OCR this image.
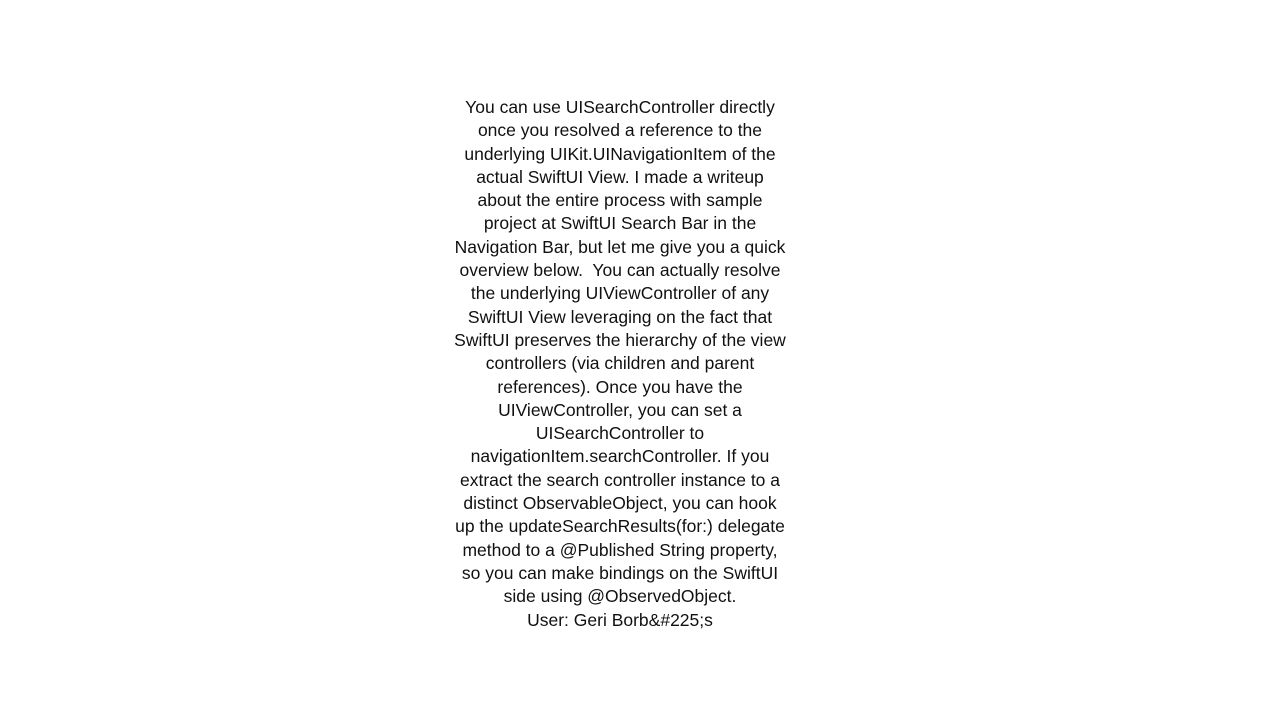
You can use UISearchController directly once you resolved a reference to the underlying UIKit.UINavigationItem of the actual SwiftUI View. I made a writeup about the entire process with sample project at SwiftUI Search Bar in the Navigation Bar, but let me give you a quick overview below.  You can actually resolve the underlying UIViewController of any SwiftUI View leveraging on the fact that SwiftUI preserves the hierarchy of the view controllers (via children and parent references). Once you have the UIViewController, you can set a UISearchController to navigationItem.searchController. If you extract the search controller instance to a distinct ObservableObject, you can hook up the updateSearchResults(for:) delegate method to a @Published String property, so you can make bindings on the SwiftUI side using @ObservedObject.

User: Geri Borb&#225;s
